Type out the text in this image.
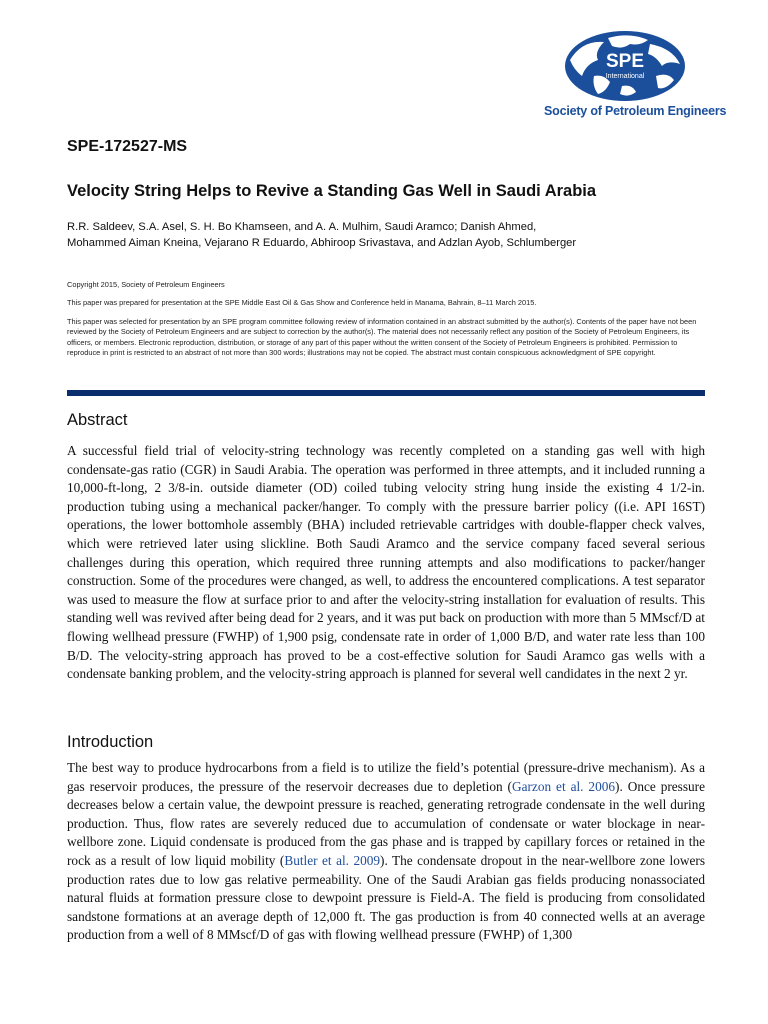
SPE
International
Society of Petroleum Engineers
SPE-172527-MS
Velocity String Helps to Revive a Standing Gas Well in Saudi Arabia
R.R. Saldeev, S.A. Asel, S. H. Bo Khamseen, and A. A. Mulhim, Saudi Aramco; Danish Ahmed,
Mohammed Aiman Kneina, Vejarano R Eduardo, Abhiroop Srivastava, and Adzlan Ayob, Schlumberger
Copyright 2015, Society of Petroleum Engineers
This paper was prepared for presentation at the SPE Middle East Oil & Gas Show and Conference held in Manama, Bahrain, 8–11 March 2015.
This paper was selected for presentation by an SPE program committee following review of information contained in an abstract submitted by the author(s). Contents of the paper have not been reviewed by the Society of Petroleum Engineers and are subject to correction by the author(s). The material does not necessarily reflect any position of the Society of Petroleum Engineers, its officers, or members. Electronic reproduction, distribution, or storage of any part of this paper without the written consent of the Society of Petroleum Engineers is prohibited. Permission to reproduce in print is restricted to an abstract of not more than 300 words; illustrations may not be copied. The abstract must contain conspicuous acknowledgment of SPE copyright.
Abstract

A successful field trial of velocity-string technology was recently completed on a standing gas well with high condensate-gas ratio (CGR) in Saudi Arabia. The operation was performed in three attempts, and it included running a 10,000-ft-long, 2 3/8-in. outside diameter (OD) coiled tubing velocity string hung inside the existing 4 1/2-in. production tubing using a mechanical packer/hanger. To comply with the pressure barrier policy ((i.e. API 16ST) operations, the lower bottomhole assembly (BHA) included retrievable cartridges with double-flapper check valves, which were retrieved later using slickline. Both Saudi Aramco and the service company faced several serious challenges during this operation, which required three running attempts and also modifications to packer/hanger construction. Some of the procedures were changed, as well, to address the encountered complications. A test separator was used to measure the flow at surface prior to and after the velocity-string installation for evaluation of results. This standing well was revived after being dead for 2 years, and it was put back on production with more than 5 MMscf/D at flowing wellhead pressure (FWHP) of 1,900 psig, condensate rate in order of 1,000 B/D, and water rate less than 100 B/D. The velocity-string approach has proved to be a cost-effective solution for Saudi Aramco gas wells with a condensate banking problem, and the velocity-string approach is planned for several well candidates in the next 2 yr.

Introduction

The best way to produce hydrocarbons from a field is to utilize the field’s potential (pressure-drive mechanism). As a gas reservoir produces, the pressure of the reservoir decreases due to depletion (Garzon et al. 2006). Once pressure decreases below a certain value, the dewpoint pressure is reached, generating retrograde condensate in the well during production. Thus, flow rates are severely reduced due to accumulation of condensate or water blockage in near-wellbore zone. Liquid condensate is produced from the gas phase and is trapped by capillary forces or retained in the rock as a result of low liquid mobility (Butler et al. 2009). The condensate dropout in the near-wellbore zone lowers production rates due to low gas relative permeability. One of the Saudi Arabian gas fields producing nonassociated natural fluids at formation pressure close to dewpoint pressure is Field-A. The field is producing from consolidated sandstone formations at an average depth of 12,000 ft. The gas production is from 40 connected wells at an average production from a well of 8 MMscf/D of gas with flowing wellhead pressure (FWHP) of 1,300
